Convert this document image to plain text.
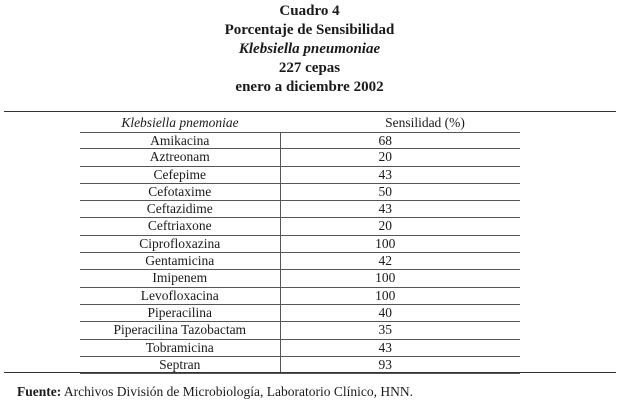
Cuadro 4
Porcentaje de Sensibilidad
Klebsiella pneumoniae
227 cepas
enero a diciembre 2002
Klebsiella pnemoniae	Sensilidad (%)
Amikacina	68
Aztreonam	20
Cefepime	43
Cefotaxime	50
Ceftazidime	43
Ceftriaxone	20
Ciprofloxazina	100
Gentamicina	42
Imipenem	100
Levofloxacina	100
Piperacilina	40
Piperacilina Tazobactam	35
Tobramicina	43
Septran	93
Fuente: Archivos División de Microbiología, Laboratorio Clínico, HNN.
